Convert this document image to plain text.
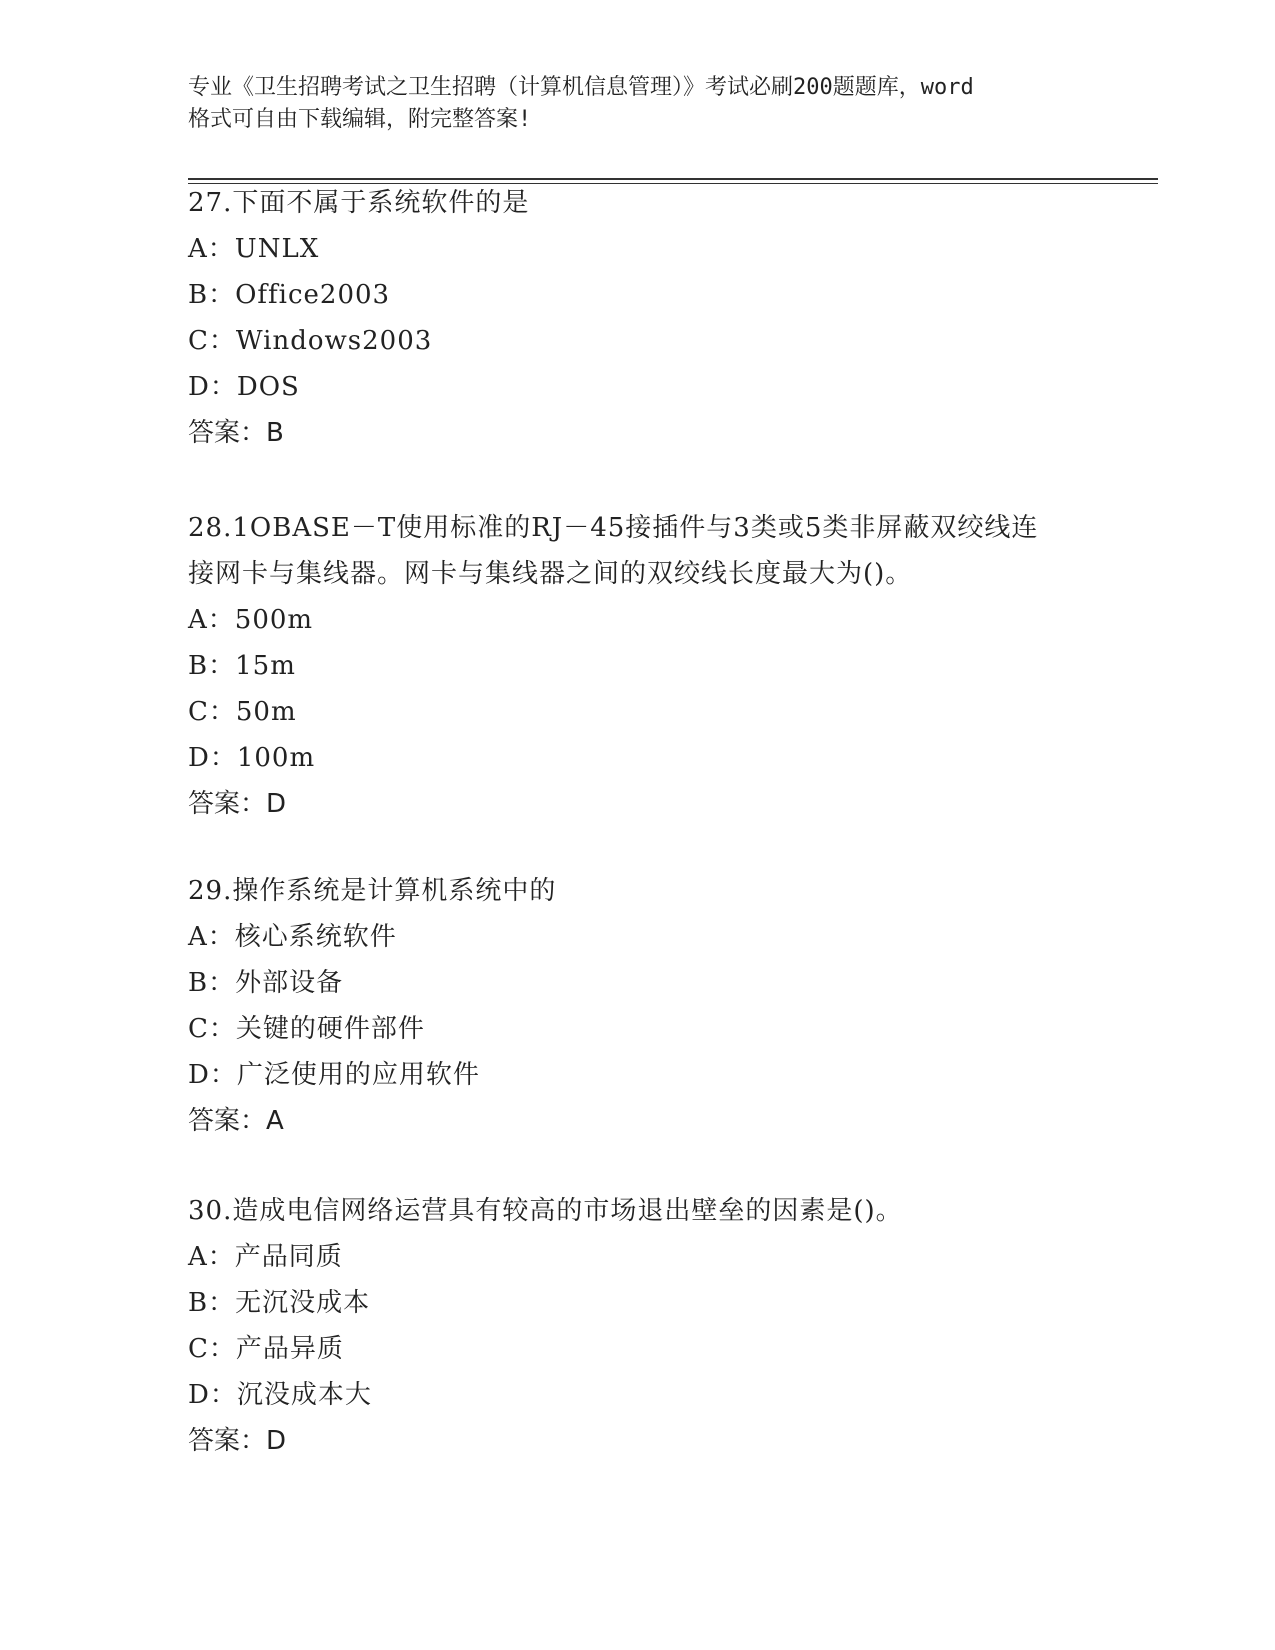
专业《卫生招聘考试之卫生招聘（计算机信息管理）》考试必刷200题题库，word
格式可自由下载编辑，附完整答案!
27.下面不属于系统软件的是
A：UNLX
B：Office2003
C：Windows2003
D：DOS
答案：B
28.1OBASE－T使用标准的RJ－45接插件与3类或5类非屏蔽双绞线连
接网卡与集线器。网卡与集线器之间的双绞线长度最大为()。
A：500m
B：15m
C：50m
D：100m
答案：D
29.操作系统是计算机系统中的
A：核心系统软件
B：外部设备
C：关键的硬件部件
D：广泛使用的应用软件
答案：A
30.造成电信网络运营具有较高的市场退出壁垒的因素是()。
A：产品同质
B：无沉没成本
C：产品异质
D：沉没成本大
答案：D
